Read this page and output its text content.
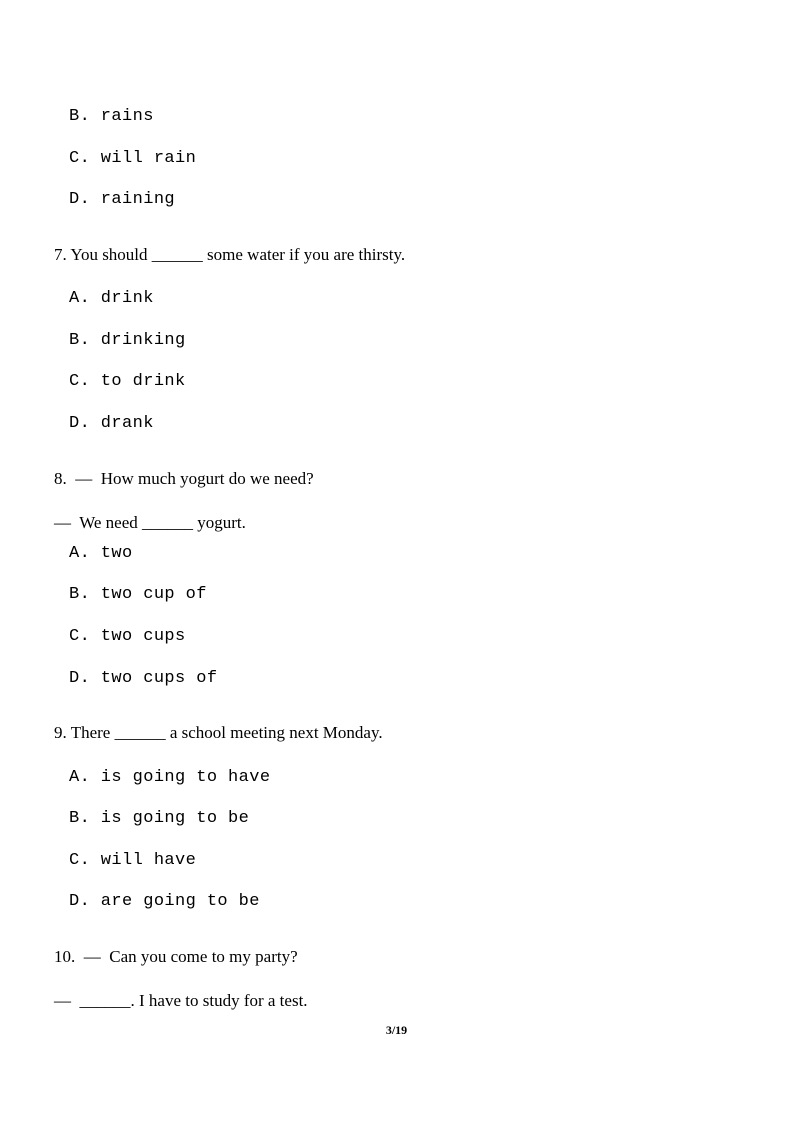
B. rains
C. will rain
D. raining
7. You should ______ some water if you are thirsty.
A. drink
B. drinking
C. to drink
D. drank
8.  —  How much yogurt do we need?
—  We need ______ yogurt.
A. two
B. two cup of
C. two cups
D. two cups of
9. There ______ a school meeting next Monday.
A. is going to have
B. is going to be
C. will have
D. are going to be
10.  —  Can you come to my party?
—  ______. I have to study for a test.
3/19
